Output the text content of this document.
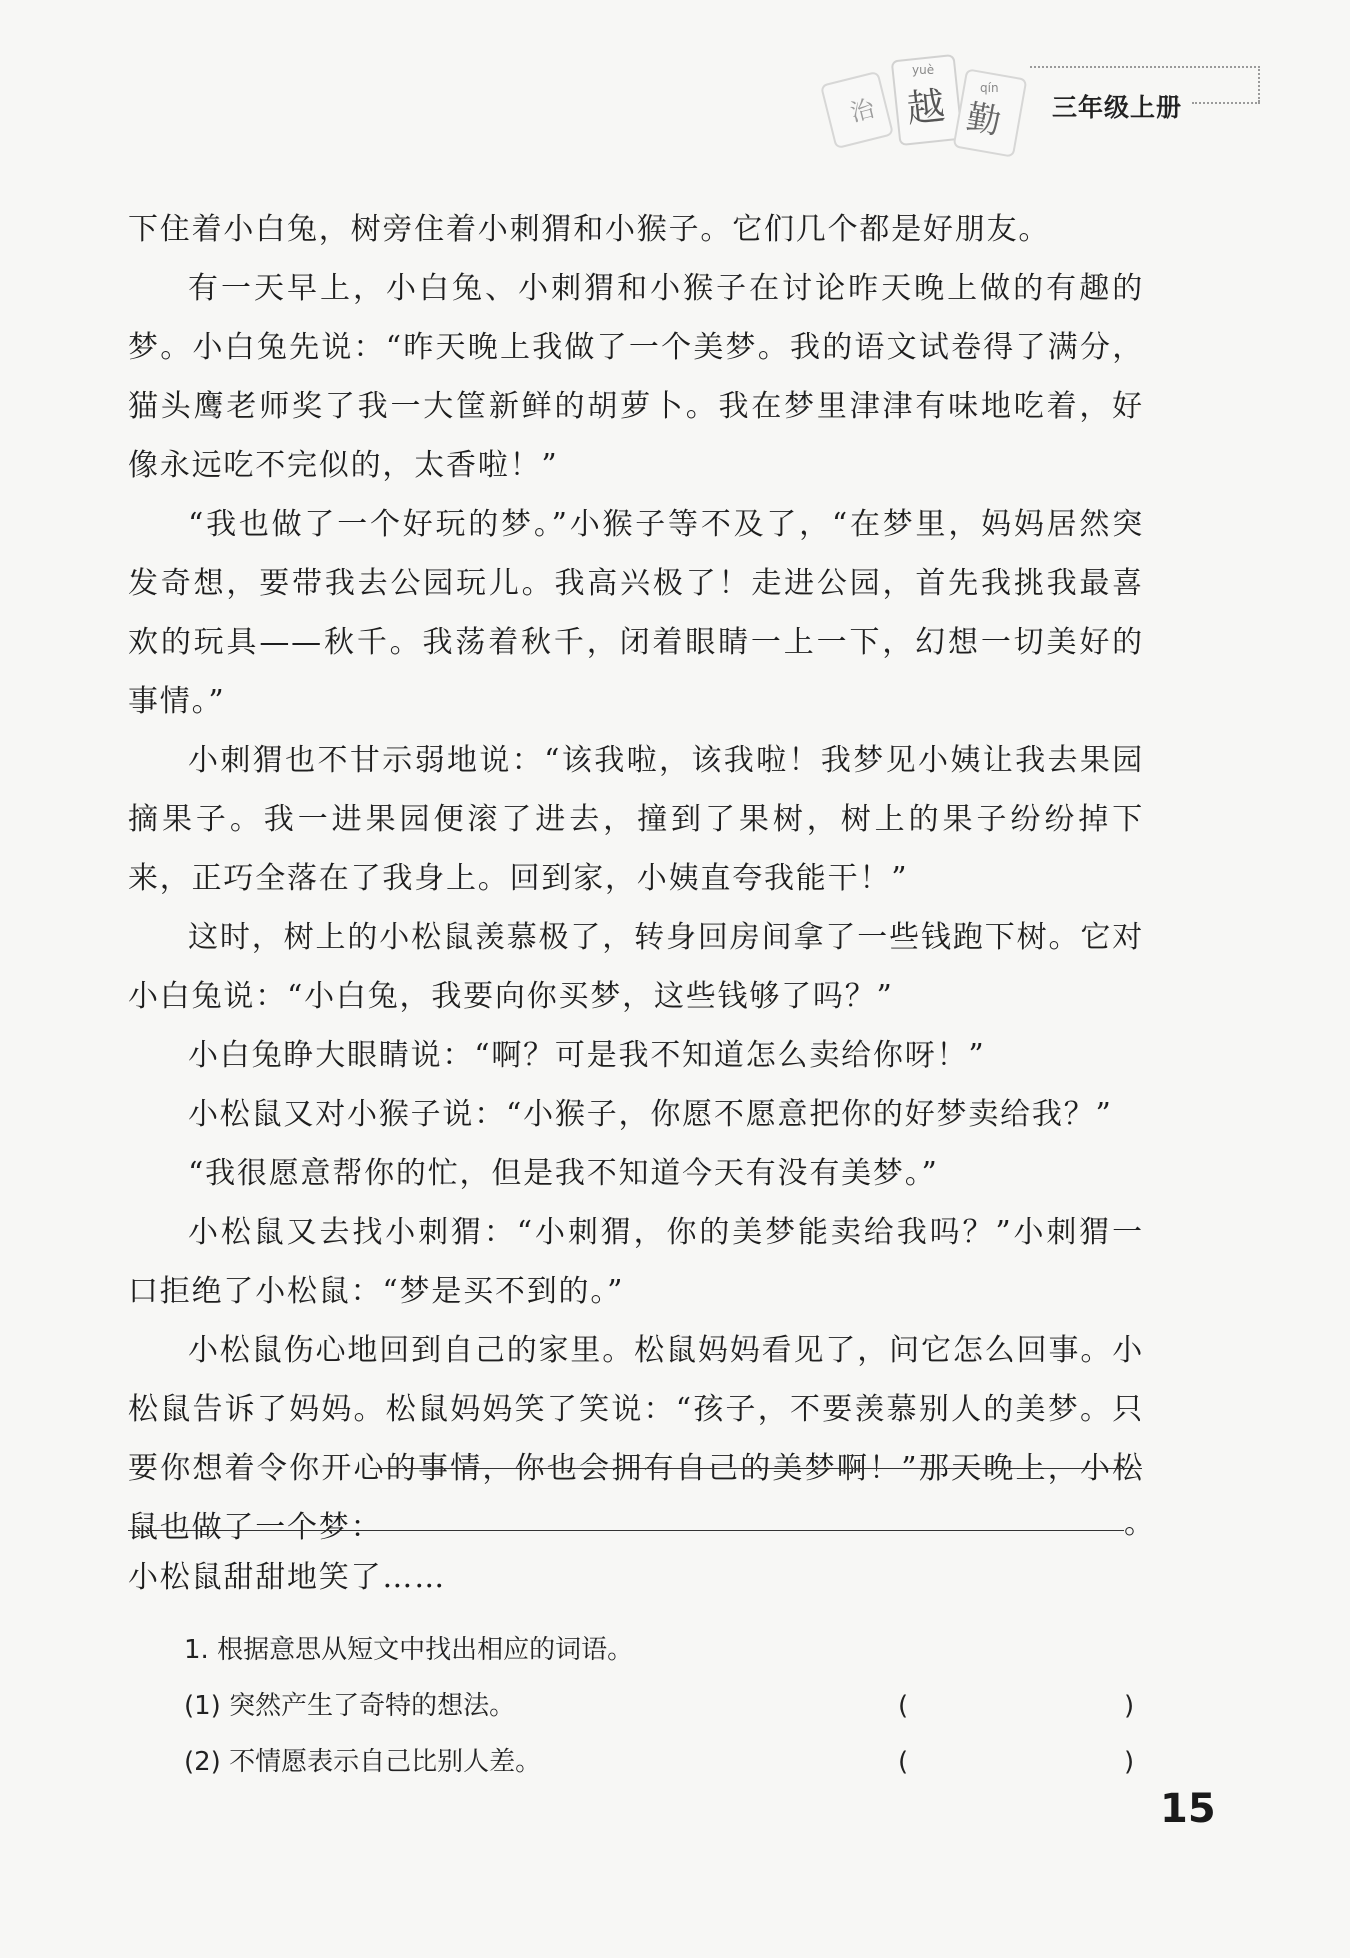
治
yuè
越	qín
勤 三年级上册

下住着小白兔，树旁住着小刺猬和小猴子。它们几个都是好朋友。

有一天早上，小白兔、小刺猬和小猴子在讨论昨天晚上做的有趣的梦。小白兔先说：“昨天晚上我做了一个美梦。我的语文试卷得了满分，猫头鹰老师奖了我一大筐新鲜的胡萝卜。我在梦里津津有味地吃着，好像永远吃不完似的，太香啦！”

“我也做了一个好玩的梦。”小猴子等不及了，“在梦里，妈妈居然突发奇想，要带我去公园玩儿。我高兴极了！走进公园，首先我挑我最喜欢的玩具——秋千。我荡着秋千，闭着眼睛一上一下，幻想一切美好的事情。”

小刺猬也不甘示弱地说：“该我啦，该我啦！我梦见小姨让我去果园摘果子。我一进果园便滚了进去，撞到了果树，树上的果子纷纷掉下来，正巧全落在了我身上。回到家，小姨直夸我能干！”

这时，树上的小松鼠羡慕极了，转身回房间拿了一些钱跑下树。它对小白兔说：“小白兔，我要向你买梦，这些钱够了吗？”

小白兔睁大眼睛说：“啊？可是我不知道怎么卖给你呀！”

小松鼠又对小猴子说：“小猴子，你愿不愿意把你的好梦卖给我？”

“我很愿意帮你的忙，但是我不知道今天有没有美梦。”

小松鼠又去找小刺猬：“小刺猬，你的美梦能卖给我吗？”小刺猬一口拒绝了小松鼠：“梦是买不到的。”

小松鼠伤心地回到自己的家里。松鼠妈妈看见了，问它怎么回事。小松鼠告诉了妈妈。松鼠妈妈笑了笑说：“孩子，不要羡慕别人的美梦。只要你想着令你开心的事情，你也会拥有自己的美梦啊！”那天晚上，小松鼠也做了一个梦：	。
小松鼠甜甜地笑了……
1. 根据意思从短文中找出相应的词语。
(1) 突然产生了奇特的想法。	(	)
(2) 不情愿表示自己比别人差。	(	)
15
